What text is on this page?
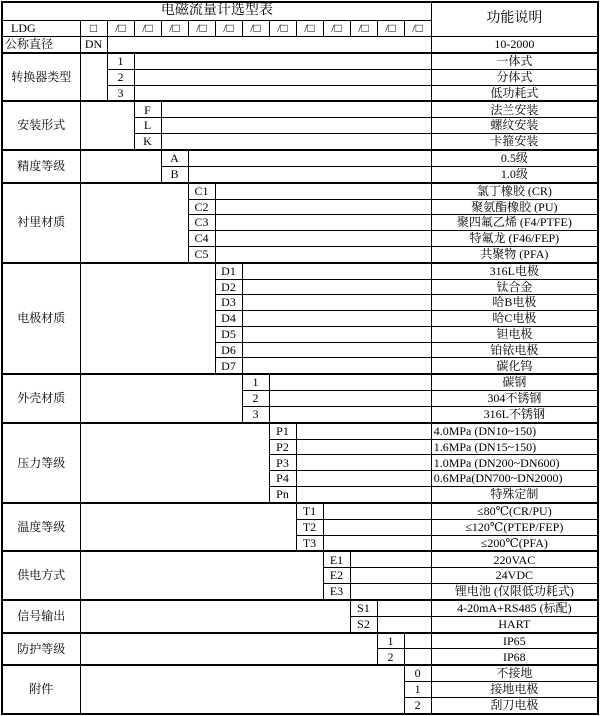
电磁流量计选型表														功能说明
LDG	□	/□	/□	/□	/□	/□	/□	/□	/□	/□	/□	/□	/□	
公称直径	DN													10-2000
转换器类型		1												一体式
		2												分体式
		3												低功耗式
安装形式			F											法兰安装
			L											螺纹安装
			K											卡箍安装
精度等级				A										0.5级
				B										1.0级
衬里材质					C1									氯丁橡胶 (CR)
					C2									聚氨酯橡胶 (PU)
					C3									聚四氟乙烯 (F4/PTFE)
					C4									特氟龙 (F46/FEP)
					C5									共聚物 (PFA)
电极材质						D1								316L电极
						D2								钛合金
						D3								哈B电极
						D4								哈C电极
						D5								钽电极
						D6								铂铱电极
						D7								碳化钨
外壳材质							1							碳钢
							2							304不锈钢
							3							316L不锈钢
压力等级								P1						4.0MPa (DN10~150)
								P2						1.6MPa (DN15~150)
								P3						1.0MPa (DN200~DN600)
								P4						0.6MPa(DN700~DN2000)
								Pn						特殊定制
温度等级									T1					≤80℃(CR/PU)
									T2					≤120℃(PTEP/FEP)
									T3					≤200℃(PFA)
供电方式										E1				220VAC
										E2				24VDC
										E3				锂电池 (仅限低功耗式)
信号输出											S1			4-20mA+RS485 (标配)
											S2			HART
防护等级												1		IP65
												2		IP68
附件													0	不接地
													1	接地电极
													2	刮刀电极
